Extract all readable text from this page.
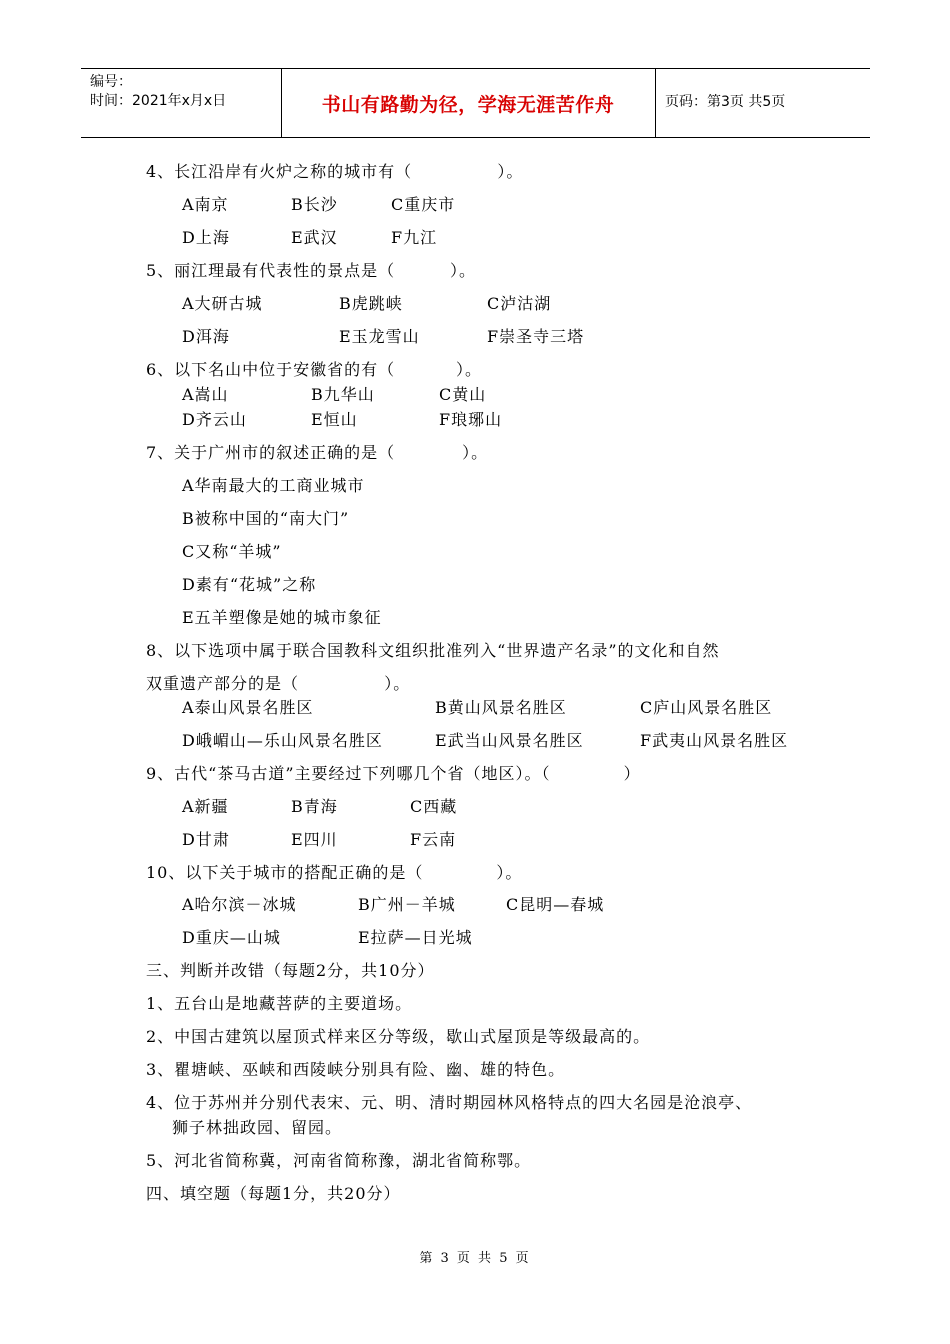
编号：
时间：2021年x月x日	书山有路勤为径，学海无涯苦作舟	页码：第3页 共5页
4、长江沿岸有火炉之称的城市有（              ）。
A南京	B长沙	C重庆市
D上海	E武汉	F九江
5、丽江理最有代表性的景点是（         ）。
A大研古城	B虎跳峡	C泸沽湖
D洱海	E玉龙雪山	F崇圣寺三塔
6、以下名山中位于安徽省的有（          ）。
A嵩山	B九华山	C黄山
D齐云山	E恒山	F琅琊山
7、关于广州市的叙述正确的是（           ）。
A华南最大的工商业城市
B被称中国的“南大门”
C又称“羊城”
D素有“花城”之称
E五羊塑像是她的城市象征
8、以下选项中属于联合国教科文组织批准列入“世界遗产名录”的文化和自然
双重遗产部分的是（              ）。
A泰山风景名胜区	B黄山风景名胜区	C庐山风景名胜区
D峨嵋山—乐山风景名胜区	E武当山风景名胜区	F武夷山风景名胜区
9、古代“茶马古道”主要经过下列哪几个省（地区）。（            ）
A新疆	B青海	C西藏
D甘肃	E四川	F云南
10、以下关于城市的搭配正确的是（            ）。
A哈尔滨－冰城	B广州－羊城	C昆明—春城
D重庆—山城	E拉萨—日光城
三、判断并改错（每题2分，共10分）
1、五台山是地藏菩萨的主要道场。
2、中国古建筑以屋顶式样来区分等级，歇山式屋顶是等级最高的。
3、瞿塘峡、巫峡和西陵峡分别具有险、幽、雄的特色。
4、位于苏州并分别代表宋、元、明、清时期园林风格特点的四大名园是沧浪亭、
狮子林拙政园、留园。
5、河北省简称冀，河南省简称豫，湖北省简称鄂。
四、填空题（每题1分，共20分）
第 3 页 共 5 页
